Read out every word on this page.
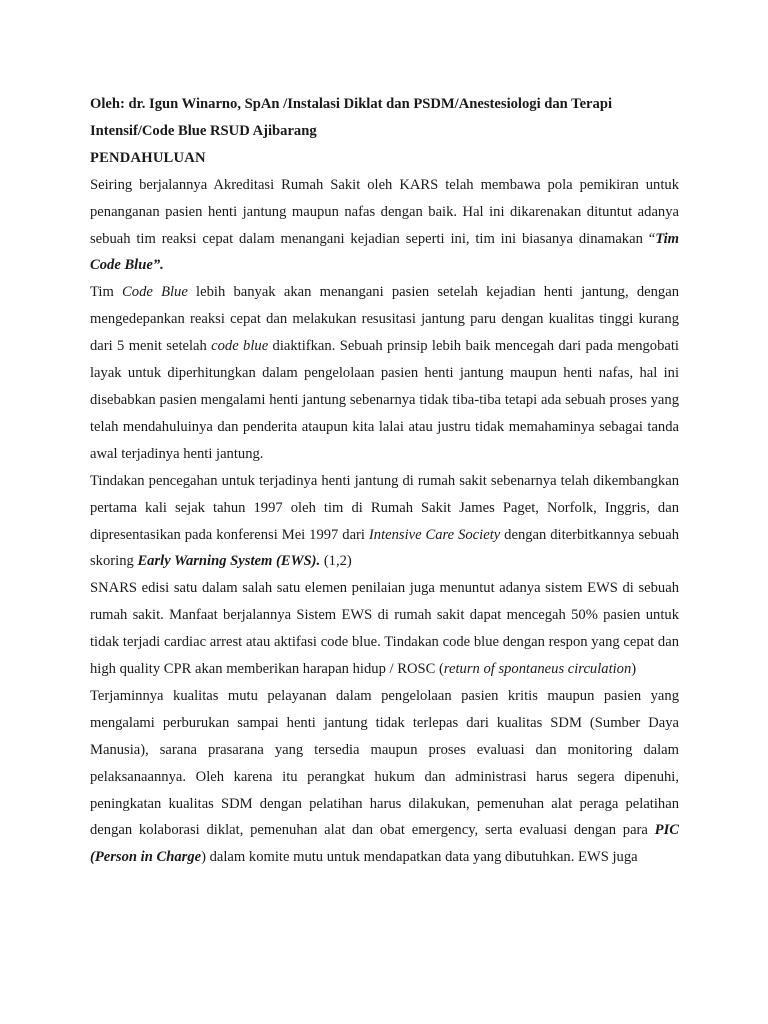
Oleh: dr. Igun Winarno, SpAn /Instalasi Diklat dan PSDM/Anestesiologi dan Terapi Intensif/Code Blue RSUD Ajibarang

PENDAHULUAN

Seiring berjalannya Akreditasi Rumah Sakit oleh KARS telah membawa pola pemikiran untuk penanganan pasien henti jantung maupun nafas dengan baik. Hal ini dikarenakan dituntut adanya sebuah tim reaksi cepat dalam menangani kejadian seperti ini, tim ini biasanya dinamakan “Tim Code Blue”.

Tim Code Blue lebih banyak akan menangani pasien setelah kejadian henti jantung, dengan mengedepankan reaksi cepat dan melakukan resusitasi jantung paru dengan kualitas tinggi kurang dari 5 menit setelah code blue diaktifkan. Sebuah prinsip lebih baik mencegah dari pada mengobati layak untuk diperhitungkan dalam pengelolaan pasien henti jantung maupun henti nafas, hal ini disebabkan pasien mengalami henti jantung sebenarnya tidak tiba-tiba tetapi ada sebuah proses yang telah mendahuluinya dan penderita ataupun kita lalai atau justru tidak memahaminya sebagai tanda awal terjadinya henti jantung.

Tindakan pencegahan untuk terjadinya henti jantung di rumah sakit sebenarnya telah dikembangkan pertama kali sejak tahun 1997 oleh tim di Rumah Sakit James Paget, Norfolk, Inggris, dan dipresentasikan pada konferensi Mei 1997 dari Intensive Care Society dengan diterbitkannya sebuah skoring Early Warning System (EWS). (1,2)

SNARS edisi satu dalam salah satu elemen penilaian juga menuntut adanya sistem EWS di sebuah rumah sakit. Manfaat berjalannya Sistem EWS di rumah sakit dapat mencegah 50% pasien untuk tidak terjadi cardiac arrest atau aktifasi code blue. Tindakan code blue dengan respon yang cepat dan high quality CPR akan memberikan harapan hidup / ROSC (return of spontaneus circulation)

Terjaminnya kualitas mutu pelayanan dalam pengelolaan pasien kritis maupun pasien yang mengalami perburukan sampai henti jantung tidak terlepas dari kualitas SDM (Sumber Daya Manusia), sarana prasarana yang tersedia maupun proses evaluasi dan monitoring dalam pelaksanaannya. Oleh karena itu perangkat hukum dan administrasi harus segera dipenuhi, peningkatan kualitas SDM dengan pelatihan harus dilakukan, pemenuhan alat peraga pelatihan dengan kolaborasi diklat, pemenuhan alat dan obat emergency, serta evaluasi dengan para PIC (Person in Charge) dalam komite mutu untuk mendapatkan data yang dibutuhkan. EWS juga
